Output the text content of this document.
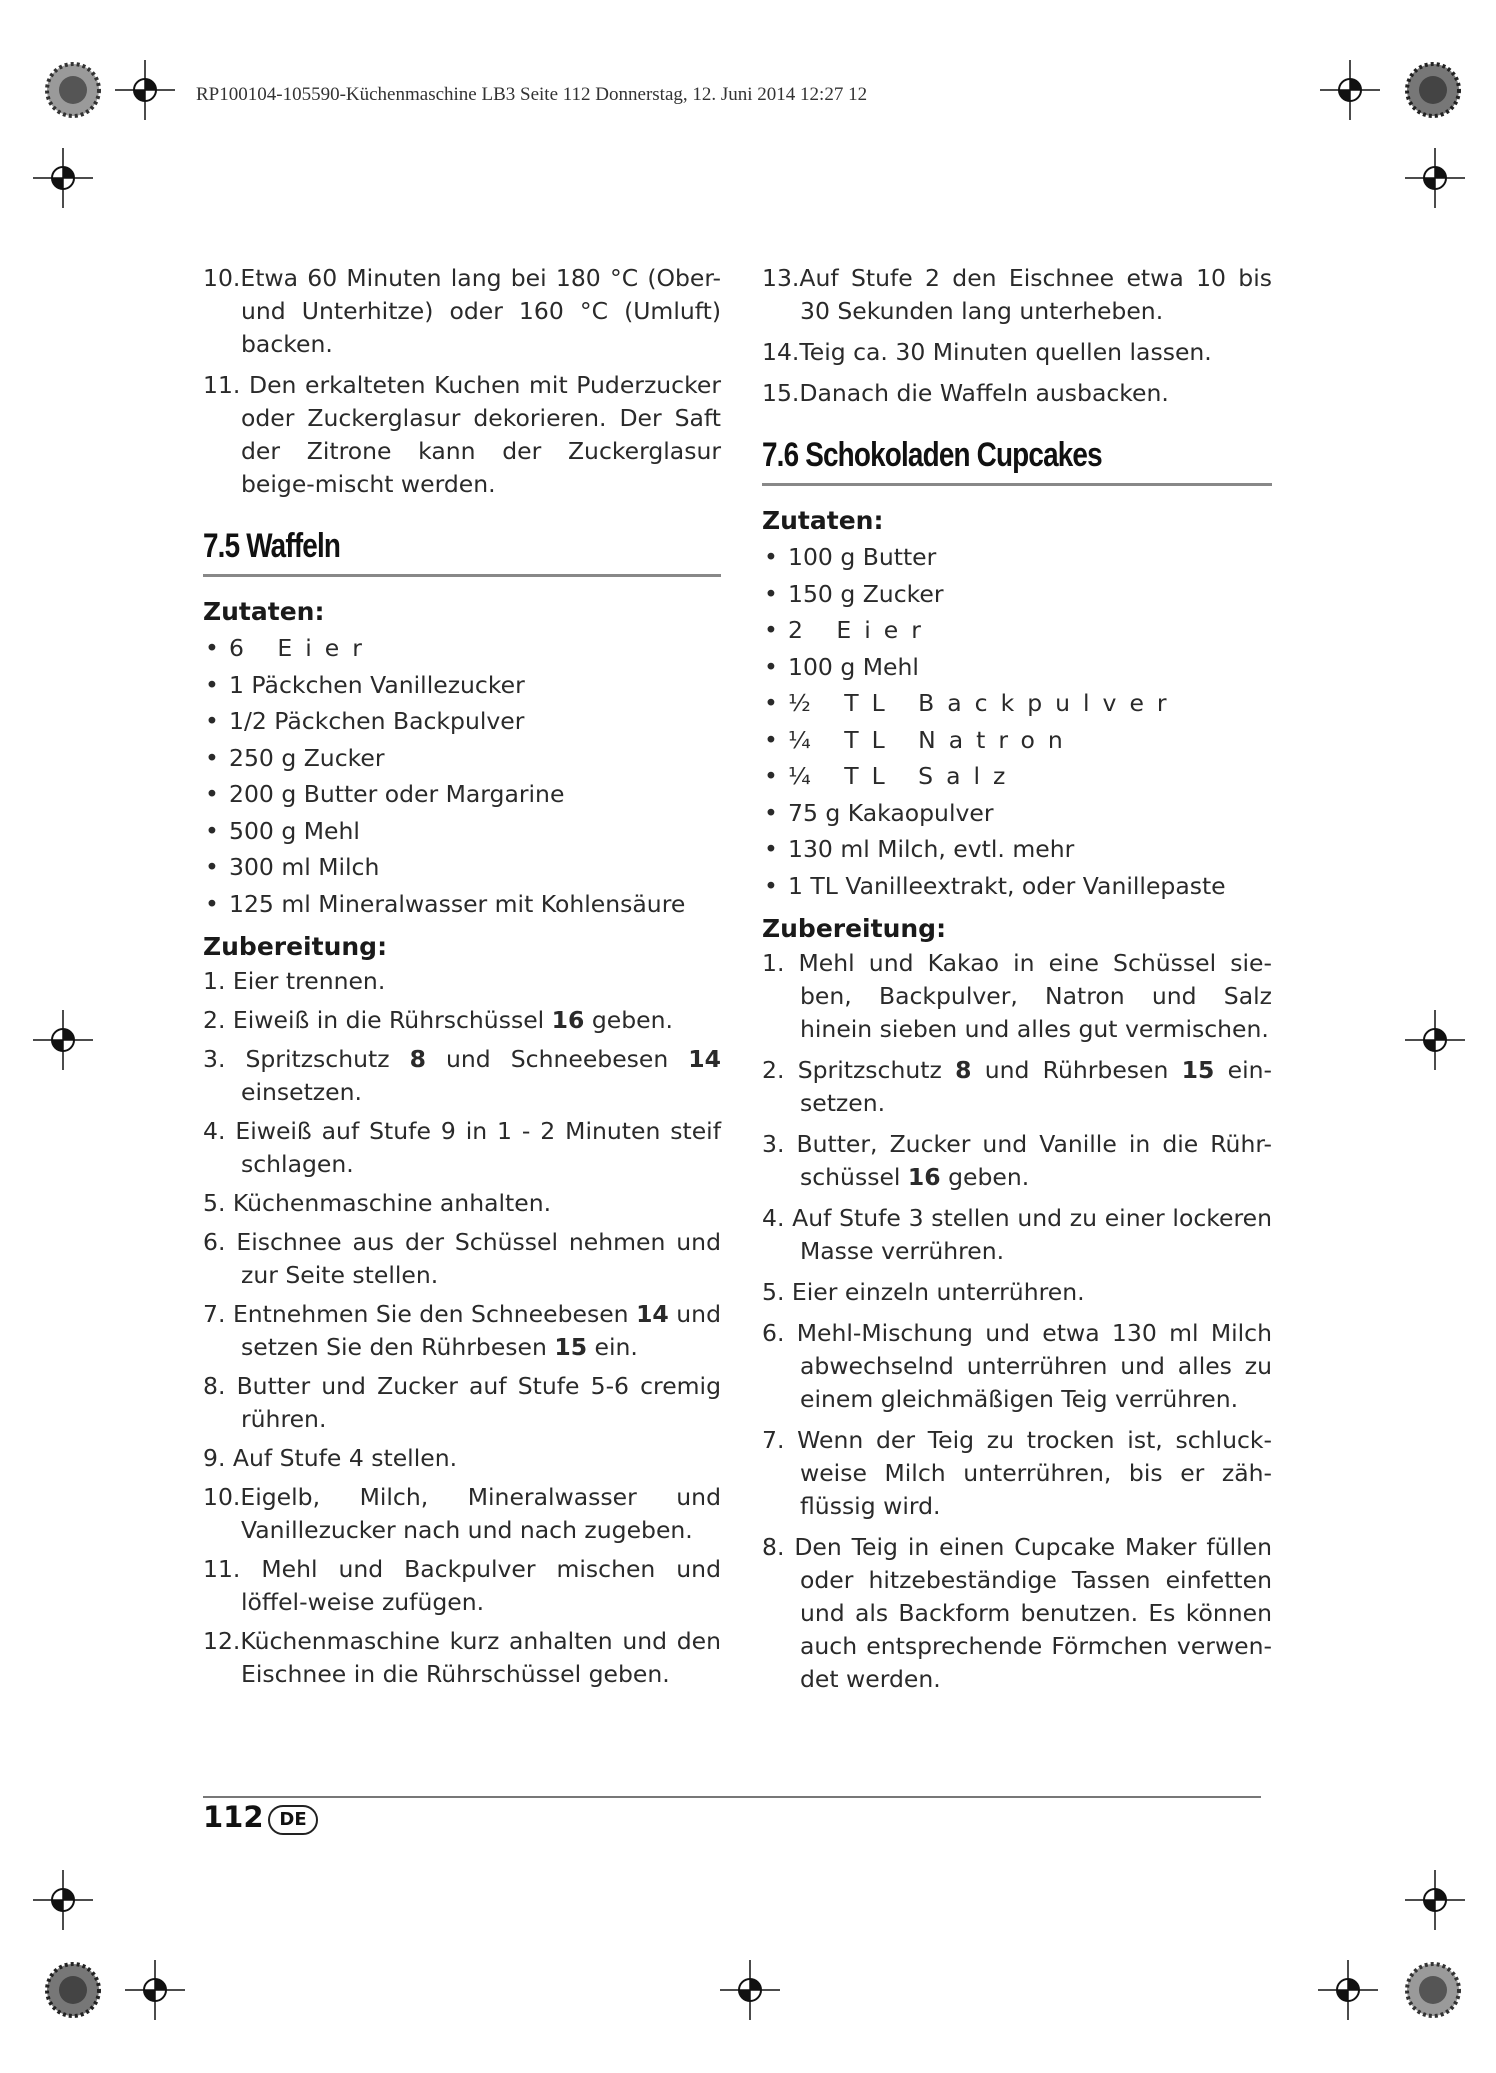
RP100104-105590-Küchenmaschine LB3 Seite 112 Donnerstag, 12. Juni 2014 12:27 12
10.Etwa 60 Minuten lang bei 180 °C (Ober- und Unterhitze) oder 160 °C (Umluft) backen.
11. Den erkalteten Kuchen mit Puderzucker oder Zuckerglasur dekorieren. Der Saft der Zitrone kann der Zuckerglasur beige-mischt werden.
7.5 Waffeln
Zutaten:
• 6 Eier
• 1 Päckchen Vanillezucker
• 1/2 Päckchen Backpulver
• 250 g Zucker
• 200 g Butter oder Margarine
• 500 g Mehl
• 300 ml Milch
• 125 ml Mineralwasser mit Kohlensäure
Zubereitung:
1. Eier trennen.
2. Eiweiß in die Rührschüssel 16 geben.
3. Spritzschutz 8 und Schneebesen 14 einsetzen.
4. Eiweiß auf Stufe 9 in 1 - 2 Minuten steif schlagen.
5. Küchenmaschine anhalten.
6. Eischnee aus der Schüssel nehmen und zur Seite stellen.
7. Entnehmen Sie den Schneebesen 14 und setzen Sie den Rührbesen 15 ein.
8. Butter und Zucker auf Stufe 5-6 cremig rühren.
9. Auf Stufe 4 stellen.
10.Eigelb, Milch, Mineralwasser und Vanillezucker nach und nach zugeben.
11. Mehl und Backpulver mischen und löffel-weise zufügen.
12.Küchenmaschine kurz anhalten und den Eischnee in die Rührschüssel geben.
13.Auf Stufe 2 den Eischnee etwa 10 bis 30 Sekunden lang unterheben.
14.Teig ca. 30 Minuten quellen lassen.
15.Danach die Waffeln ausbacken.
7.6 Schokoladen Cupcakes
Zutaten:
• 100 g Butter
• 150 g Zucker
• 2 Eier
• 100 g Mehl
• ½ TL Backpulver
• ¼ TL Natron
• ¼ TL Salz
• 75 g Kakaopulver
• 130 ml Milch, evtl. mehr
• 1 TL Vanilleextrakt, oder Vanillepaste
Zubereitung:
1. Mehl und Kakao in eine Schüssel sie-ben, Backpulver, Natron und Salz hinein sieben und alles gut vermischen.
2. Spritzschutz 8 und Rührbesen 15 ein-setzen.
3. Butter, Zucker und Vanille in die Rühr-schüssel 16 geben.
4. Auf Stufe 3 stellen und zu einer lockeren Masse verrühren.
5. Eier einzeln unterrühren.
6. Mehl-Mischung und etwa 130 ml Milch abwechselnd unterrühren und alles zu einem gleichmäßigen Teig verrühren.
7. Wenn der Teig zu trocken ist, schluck-weise Milch unterrühren, bis er zäh-flüssig wird.
8. Den Teig in einen Cupcake Maker füllen oder hitzebeständige Tassen einfetten und als Backform benutzen. Es können auch entsprechende Förmchen verwen-det werden.
112 DE
